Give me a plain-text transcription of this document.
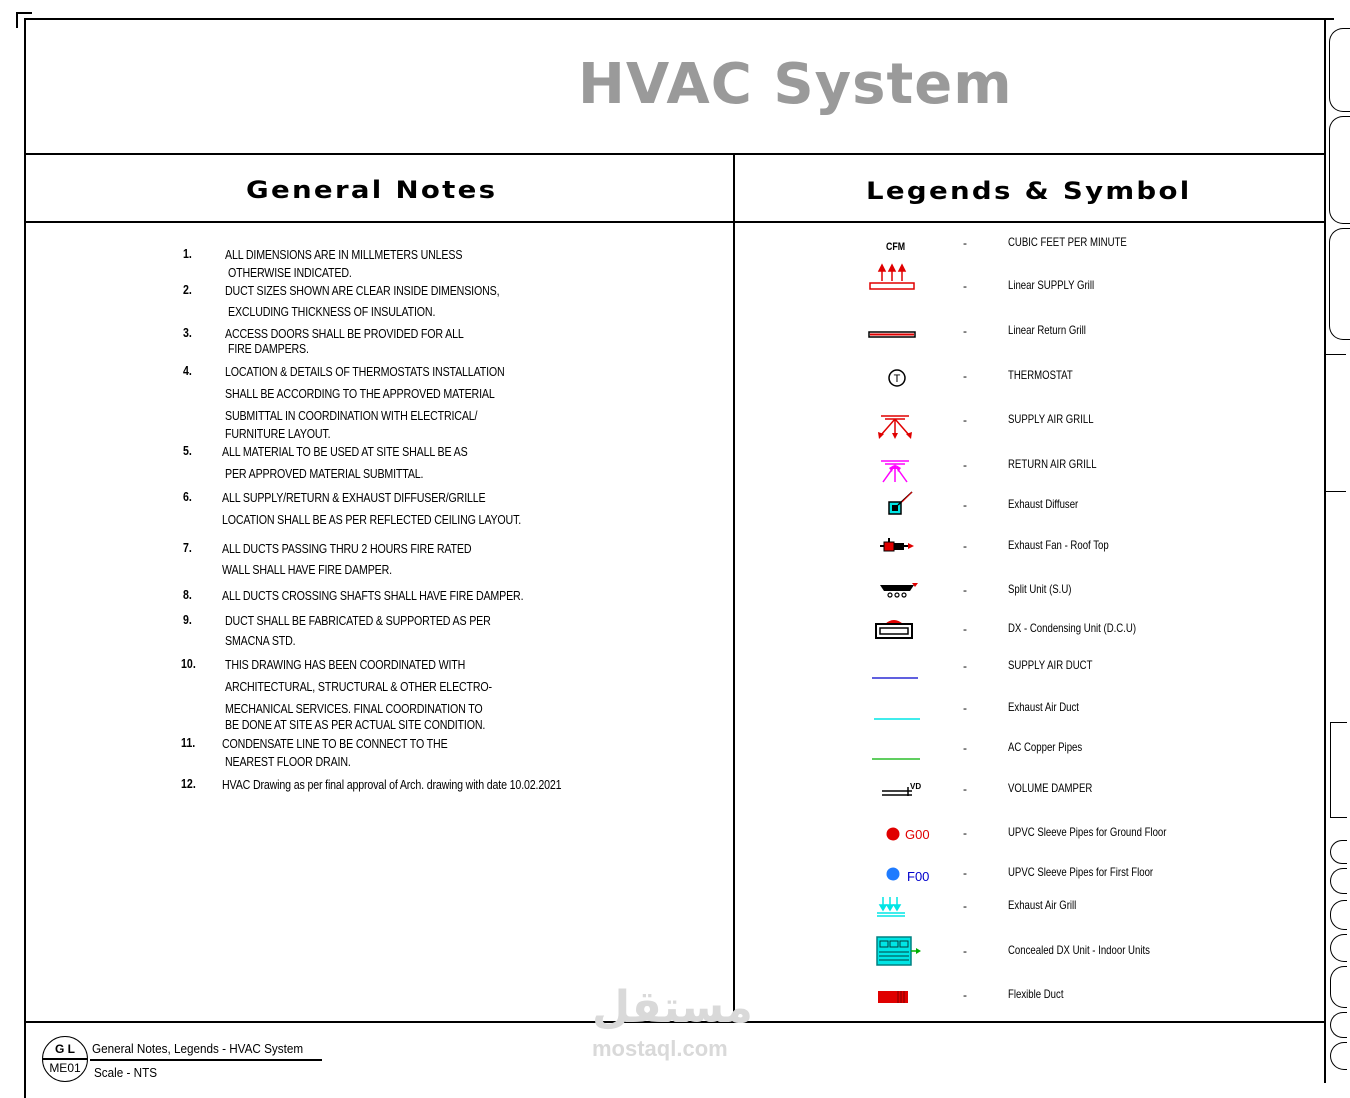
HVAC System
General Notes	Legends & Symbol
1.	ALL DIMENSIONS ARE IN MILLMETERS UNLESS
OTHERWISE INDICATED.
2.	DUCT SIZES SHOWN ARE CLEAR INSIDE DIMENSIONS,
EXCLUDING THICKNESS OF INSULATION.
3.	ACCESS DOORS SHALL BE PROVIDED FOR ALL
FIRE DAMPERS.
4.	LOCATION & DETAILS OF THERMOSTATS INSTALLATION
SHALL BE ACCORDING TO THE APPROVED MATERIAL
SUBMITTAL IN COORDINATION WITH ELECTRICAL/
FURNITURE LAYOUT.
5. ALL MATERIAL TO BE USED AT SITE SHALL BE AS
PER APPROVED MATERIAL SUBMITTAL.
6. ALL SUPPLY/RETURN & EXHAUST DIFFUSER/GRILLE
LOCATION SHALL BE AS PER REFLECTED CEILING LAYOUT.
7. ALL DUCTS PASSING THRU 2 HOURS FIRE RATED
WALL SHALL HAVE FIRE DAMPER.
8. ALL DUCTS CROSSING SHAFTS SHALL HAVE FIRE DAMPER.
9.	DUCT SHALL BE FABRICATED & SUPPORTED AS PER
SMACNA STD.
10. THIS DRAWING HAS BEEN COORDINATED WITH
ARCHITECTURAL, STRUCTURAL & OTHER ELECTRO-
MECHANICAL SERVICES. FINAL COORDINATION TO
BE DONE AT SITE AS PER ACTUAL SITE CONDITION.
11. CONDENSATE LINE TO BE CONNECT TO THE
NEAREST FLOOR DRAIN.
12. HVAC Drawing as per final approval of Arch. drawing with date 10.02.2021
CFM	-	CUBIC FEET PER MINUTE
-	Linear SUPPLY Grill
-	Linear Return Grill
T	-	THERMOSTAT
-	SUPPLY AIR GRILL
-	RETURN AIR GRILL
-	Exhaust Diffuser
-	Exhaust Fan - Roof Top
-	Split Unit (S.U)
-	DX - Condensing Unit (D.C.U)
-	SUPPLY AIR DUCT
-	Exhaust Air Duct
-	AC Copper Pipes
VD	-	VOLUME DAMPER
G00	-	UPVC Sleeve Pipes for Ground Floor
F00	-	UPVC Sleeve Pipes for First Floor
-	Exhaust Air Grill
-	Concealed DX Unit - Indoor Units
-	Flexible Duct
G L
ME01
General Notes, Legends - HVAC System
Scale - NTS
مستقل
mostaql.com
